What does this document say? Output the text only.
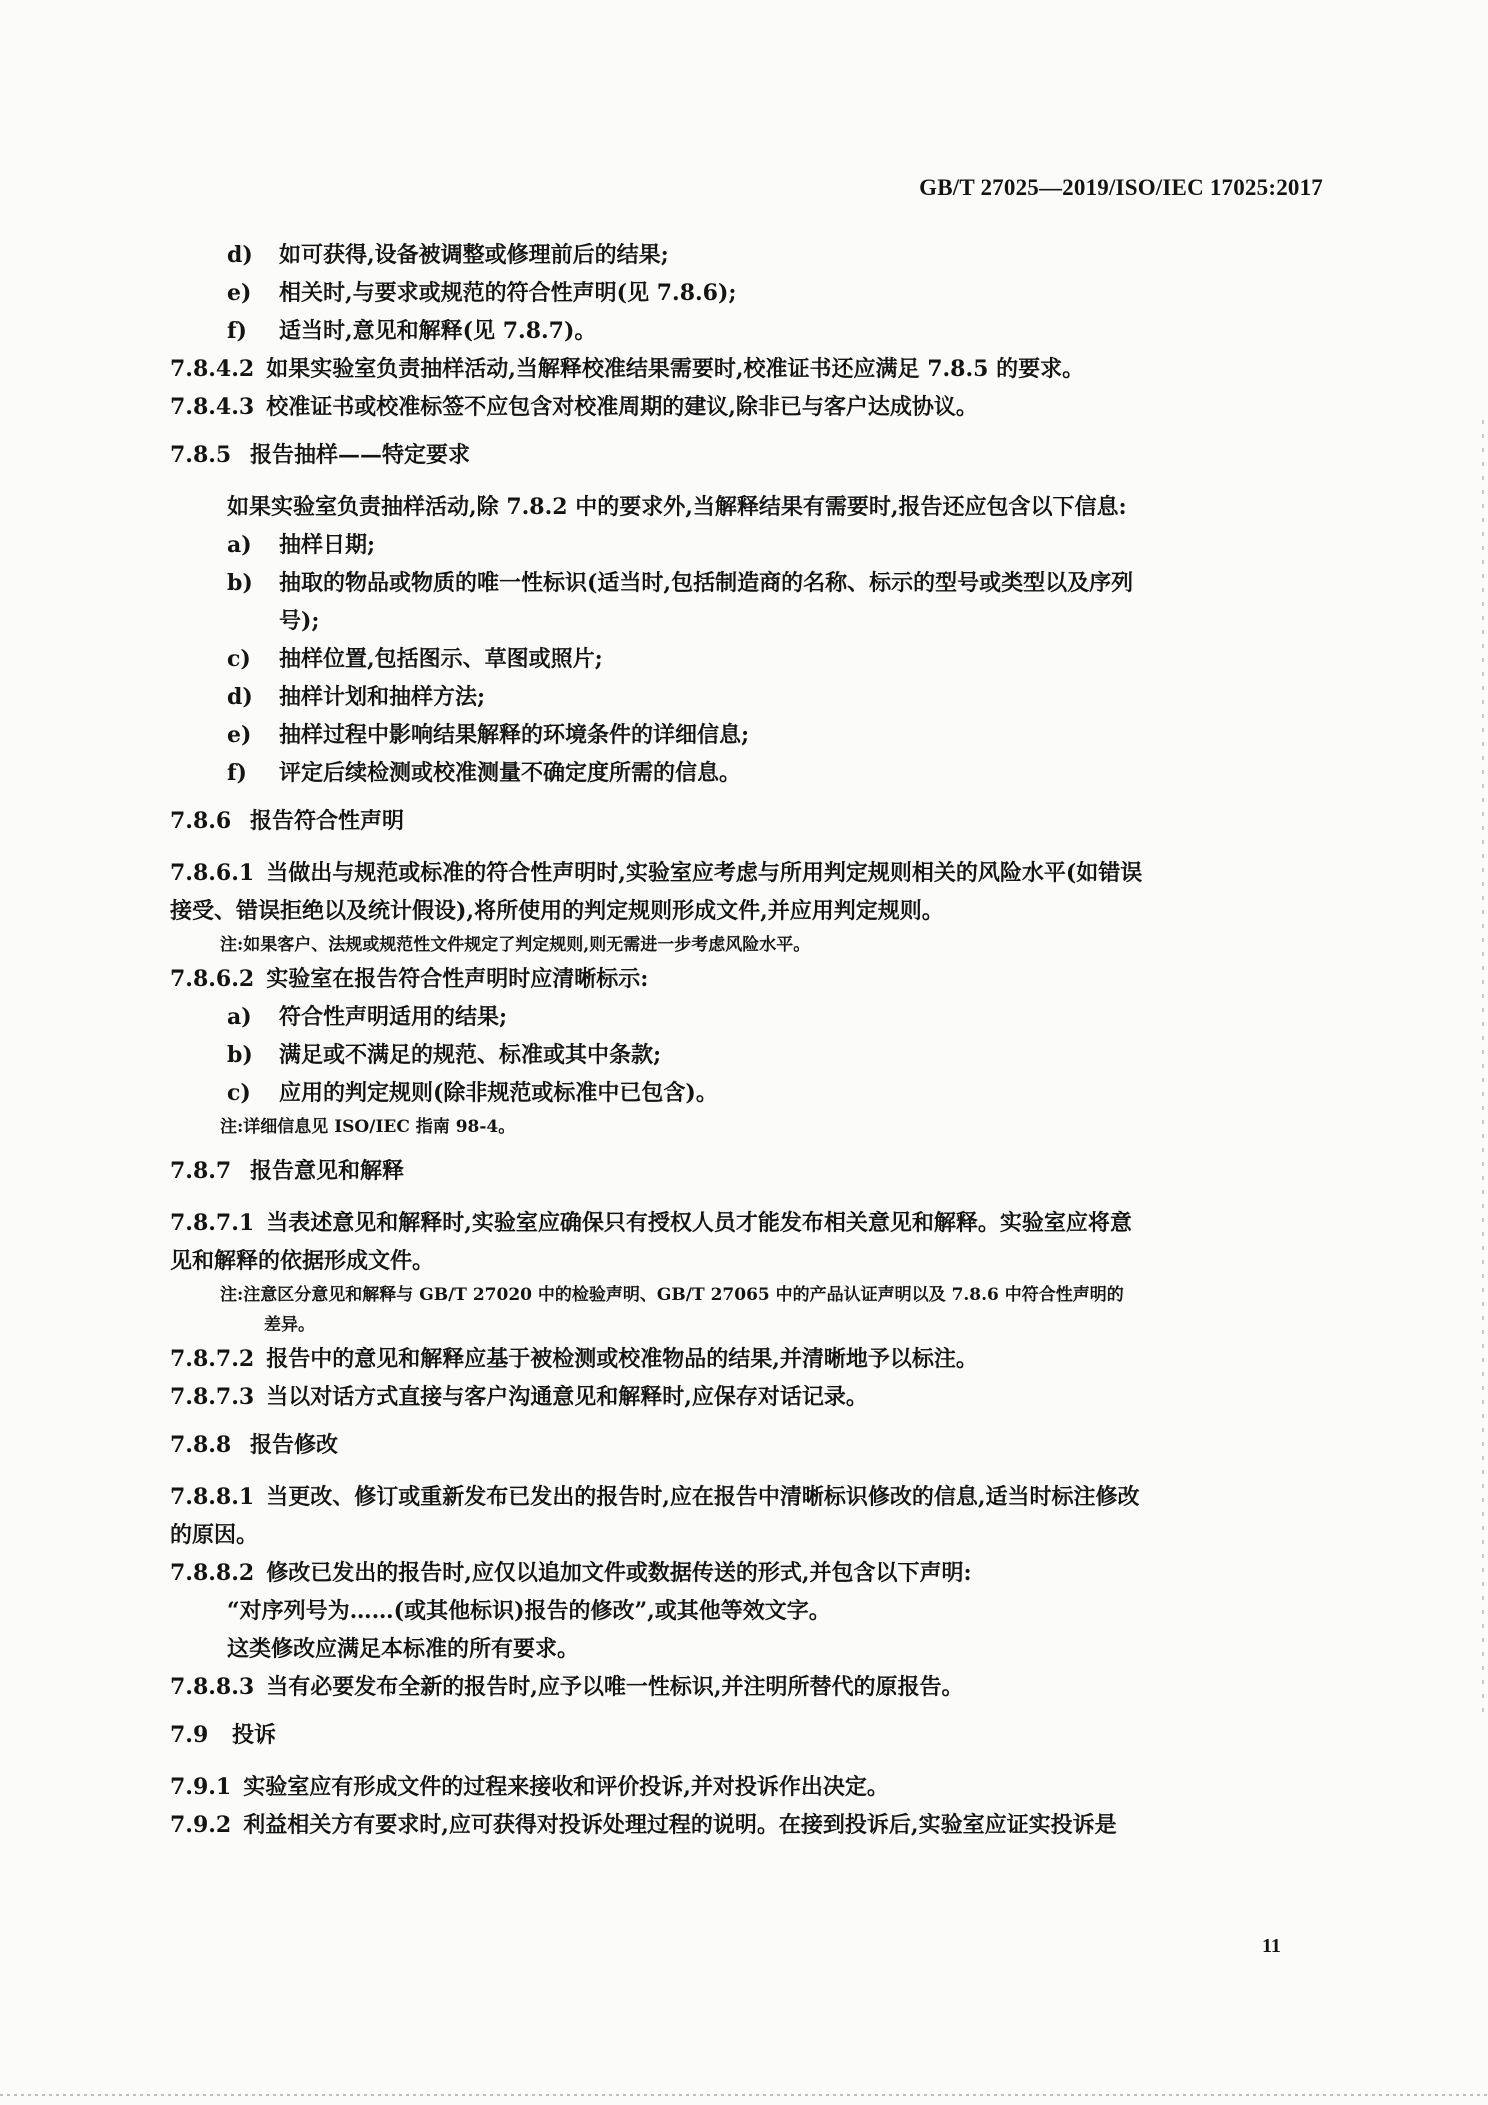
GB/T 27025—2019/ISO/IEC 17025:2017
d) 如可获得,设备被调整或修理前后的结果;
e) 相关时,与要求或规范的符合性声明(见 7.8.6);
f) 适当时,意见和解释(见 7.8.7)。
7.8.4.2 如果实验室负责抽样活动,当解释校准结果需要时,校准证书还应满足 7.8.5 的要求。
7.8.4.3 校准证书或校准标签不应包含对校准周期的建议,除非已与客户达成协议。
7.8.5 报告抽样——特定要求
如果实验室负责抽样活动,除 7.8.2 中的要求外,当解释结果有需要时,报告还应包含以下信息:
a) 抽样日期;
b) 抽取的物品或物质的唯一性标识(适当时,包括制造商的名称、标示的型号或类型以及序列
号);
c) 抽样位置,包括图示、草图或照片;
d) 抽样计划和抽样方法;
e) 抽样过程中影响结果解释的环境条件的详细信息;
f) 评定后续检测或校准测量不确定度所需的信息。
7.8.6 报告符合性声明
7.8.6.1 当做出与规范或标准的符合性声明时,实验室应考虑与所用判定规则相关的风险水平(如错误
接受、错误拒绝以及统计假设),将所使用的判定规则形成文件,并应用判定规则。
注:如果客户、法规或规范性文件规定了判定规则,则无需进一步考虑风险水平。
7.8.6.2 实验室在报告符合性声明时应清晰标示:
a) 符合性声明适用的结果;
b) 满足或不满足的规范、标准或其中条款;
c) 应用的判定规则(除非规范或标准中已包含)。
注:详细信息见 ISO/IEC 指南 98-4。
7.8.7 报告意见和解释
7.8.7.1 当表述意见和解释时,实验室应确保只有授权人员才能发布相关意见和解释。实验室应将意
见和解释的依据形成文件。
注:注意区分意见和解释与 GB/T 27020 中的检验声明、GB/T 27065 中的产品认证声明以及 7.8.6 中符合性声明的
差异。
7.8.7.2 报告中的意见和解释应基于被检测或校准物品的结果,并清晰地予以标注。
7.8.7.3 当以对话方式直接与客户沟通意见和解释时,应保存对话记录。
7.8.8 报告修改
7.8.8.1 当更改、修订或重新发布已发出的报告时,应在报告中清晰标识修改的信息,适当时标注修改
的原因。
7.8.8.2 修改已发出的报告时,应仅以追加文件或数据传送的形式,并包含以下声明:
“对序列号为……(或其他标识)报告的修改”,或其他等效文字。
这类修改应满足本标准的所有要求。
7.8.8.3 当有必要发布全新的报告时,应予以唯一性标识,并注明所替代的原报告。
7.9 投诉
7.9.1 实验室应有形成文件的过程来接收和评价投诉,并对投诉作出决定。
7.9.2 利益相关方有要求时,应可获得对投诉处理过程的说明。在接到投诉后,实验室应证实投诉是
11
